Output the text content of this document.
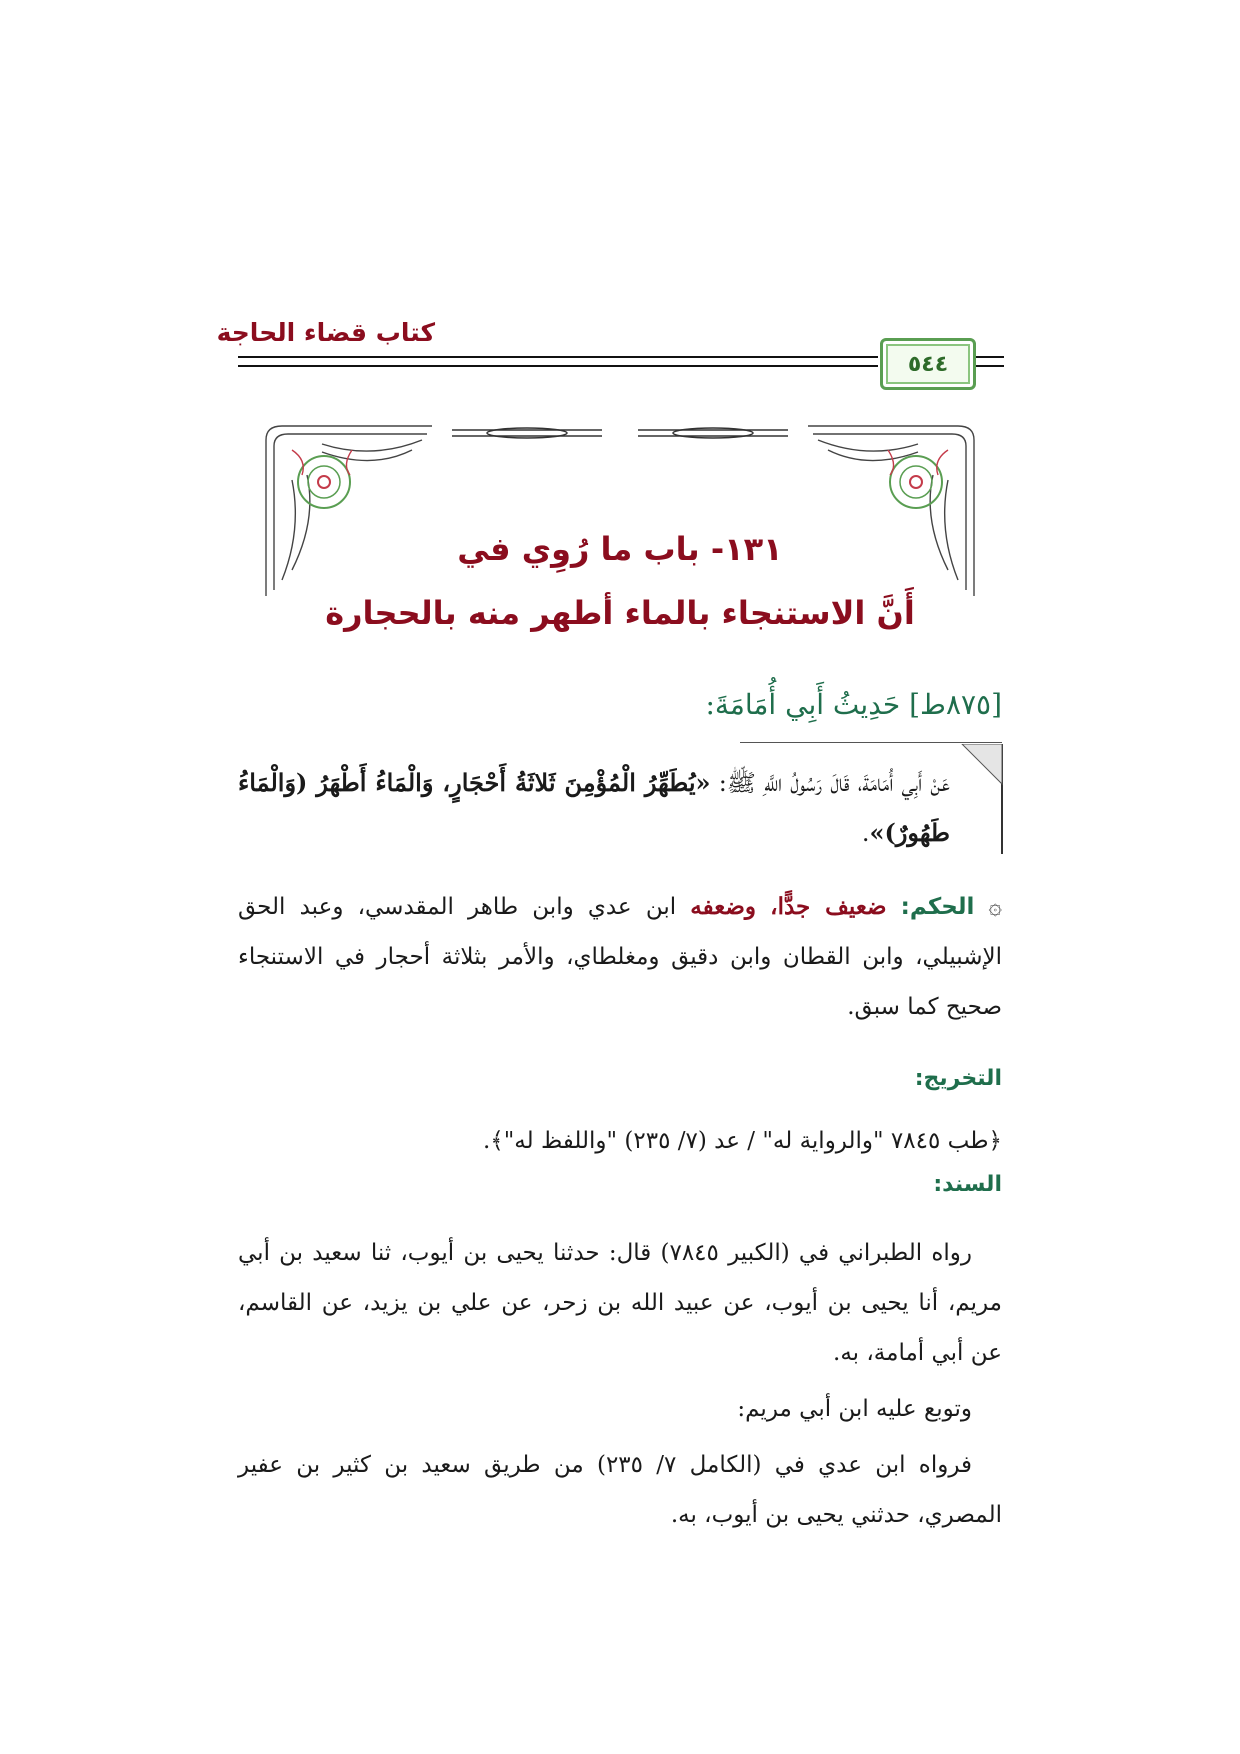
كتاب قضاء الحاجة
٥٤٤
١٣١- باب ما رُوِي في
أَنَّ الاستنجاء بالماء أطهر منه بالحجارة
[٨٧٥ط] حَدِيثُ أَبِي أُمَامَةَ:
عَنْ أَبِي أُمَامَةَ، قَالَ رَسُولُ اللَّهِ ﷺ: «يُطَهِّرُ الْمُؤْمِنَ ثَلاثَةُ أَحْجَارٍ، وَالْمَاءُ أَطْهَرُ (وَالْمَاءُ طَهُورٌ)».
۞ الحكم: ضعيف جدًّا، وضعفه ابن عدي وابن طاهر المقدسي، وعبد الحق الإشبيلي، وابن القطان وابن دقيق ومغلطاي، والأمر بثلاثة أحجار في الاستنجاء صحيح كما سبق.
التخريج:
﴿طب ٧٨٤٥ "والرواية له" / عد (٧/ ٢٣٥) "واللفظ له"﴾.
السند:
رواه الطبراني في (الكبير ٧٨٤٥) قال: حدثنا يحيى بن أيوب، ثنا سعيد بن أبي مريم، أنا يحيى بن أيوب، عن عبيد الله بن زحر، عن علي بن يزيد، عن القاسم، عن أبي أمامة، به.
وتوبع عليه ابن أبي مريم:
فرواه ابن عدي في (الكامل ٧/ ٢٣٥) من طريق سعيد بن كثير بن عفير المصري، حدثني يحيى بن أيوب، به.
